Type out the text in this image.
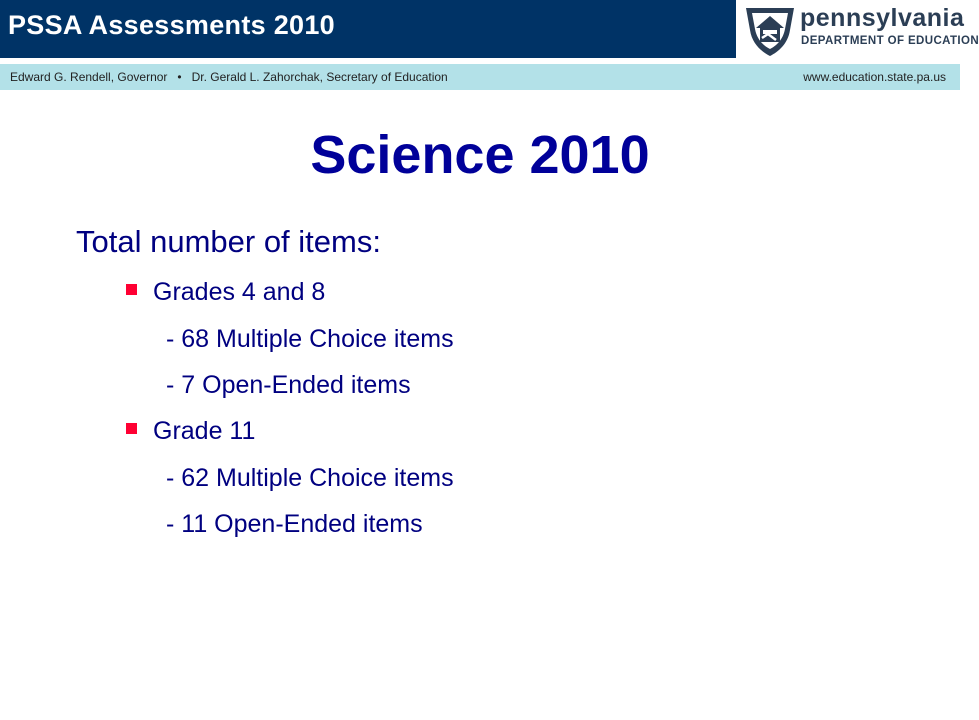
PSSA Assessments 2010	pennsylvania
DEPARTMENT OF EDUCATION
Edward G. Rendell, Governor • Dr. Gerald L. Zahorchak, Secretary of Education	www.education.state.pa.us
Science 2010
Total number of items:
Grades 4 and 8
- 68 Multiple Choice items
- 7 Open-Ended items
Grade 11
- 62 Multiple Choice items
- 11 Open-Ended items
